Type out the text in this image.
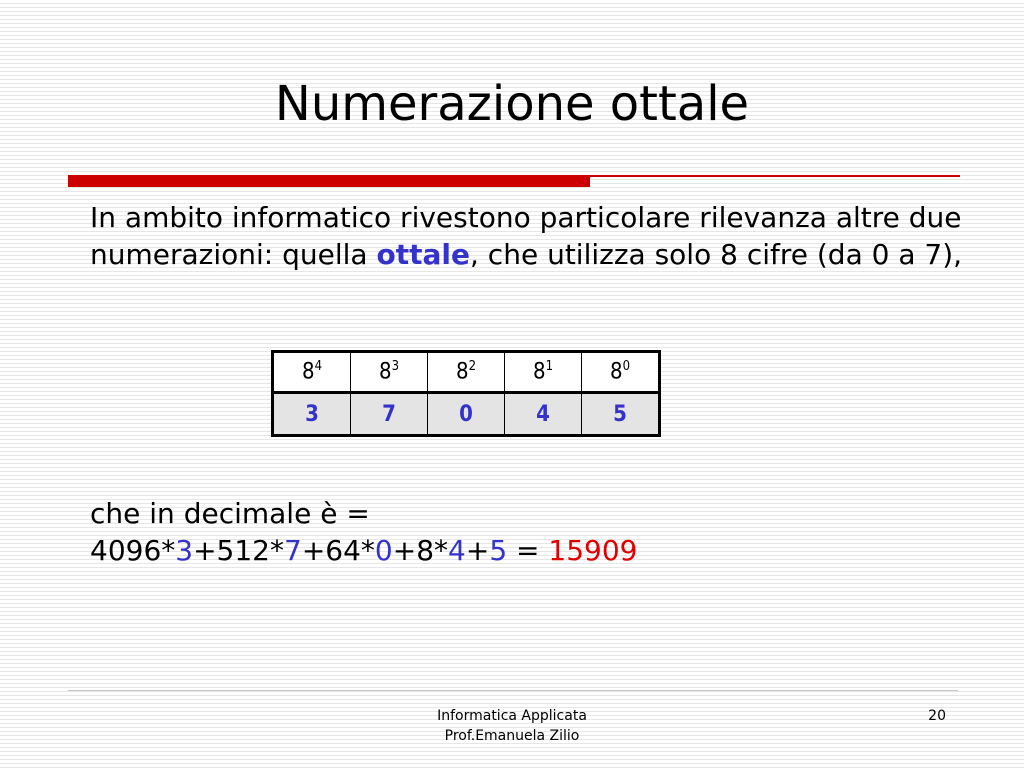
Numerazione ottale
In ambito informatico rivestono particolare rilevanza altre due numerazioni: quella ottale, che utilizza solo 8 cifre (da 0 a 7),
$8^4$	$8^3$	$8^2$	$8^1$	$8^0$
3	7	0	4	5
che in decimale è =
4096*3+512*7+64*0+8*4+5 = 15909
Informatica Applicata
Prof.Emanuela Zilio
20
